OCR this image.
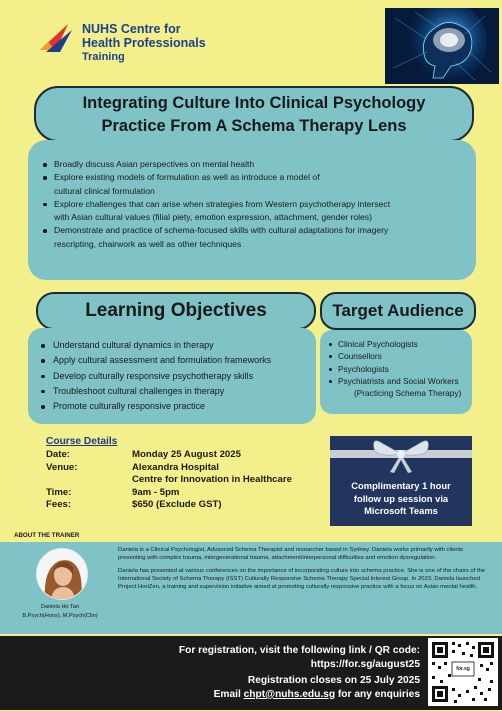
NUHS Centre for
Health Professionals
Training
Integrating Culture Into Clinical Psychology
Practice From A Schema Therapy Lens
Broadly discuss Asian perspectives on mental health
Explore existing models of formulation as well as introduce a model of
cultural clinical formulation
Explore challenges that can arise when strategies from Western psychotherapy intersect
with Asian cultural values (filial piety, emotion expression, attachment, gender roles)
Demonstrate and practice of schema-focused skills with cultural adaptations for imagery
rescripting, chairwork as well as other techniques
Learning Objectives
Understand cultural dynamics in therapy
Apply cultural assessment and formulation frameworks
Develop culturally responsive psychotherapy skills
Troubleshoot cultural challenges in therapy
Promote culturally responsive practice
Target Audience
Clinical Psychologists
Counsellors
Psychologists
Psychiatrists and Social Workers
(Practicing Schema Therapy)
Course Details
Date:	Monday 25 August 2025
Venue:	Alexandra Hospital
	Centre for Innovation in Healthcare
Time:	9am - 5pm
Fees:	$650 (Exclude GST)
Complimentary 1 hour
follow up session via
Microsoft Teams
ABOUT THE TRAINER
Daniela Ho Tan
B.Psych(Hons), M.Psych(Clin)

Daniela is a Clinical Psychologist, Advanced Schema Therapist and researcher based in Sydney. Daniela works primarily with clients presenting with complex trauma, intergenerational trauma, attachment/interpersonal difficulties and emotion dysregulation.

Daniela has presented at various conferences on the importance of incorporating culture into schema practice. She is one of the chairs of the International Society of Schema Therapy (ISST) Culturally Responsive Schema Therapy Special Interest Group. In 2023, Daniela launched Project HoriZen, a training and supervision initiative aimed at promoting culturally responsive practice with a focus on Asian mental health.

For registration, visit the following link / QR code:
https://for.sg/august25
Registration closes on 25 July 2025
Email chpt@nuhs.edu.sg for any enquiries
for.sg
